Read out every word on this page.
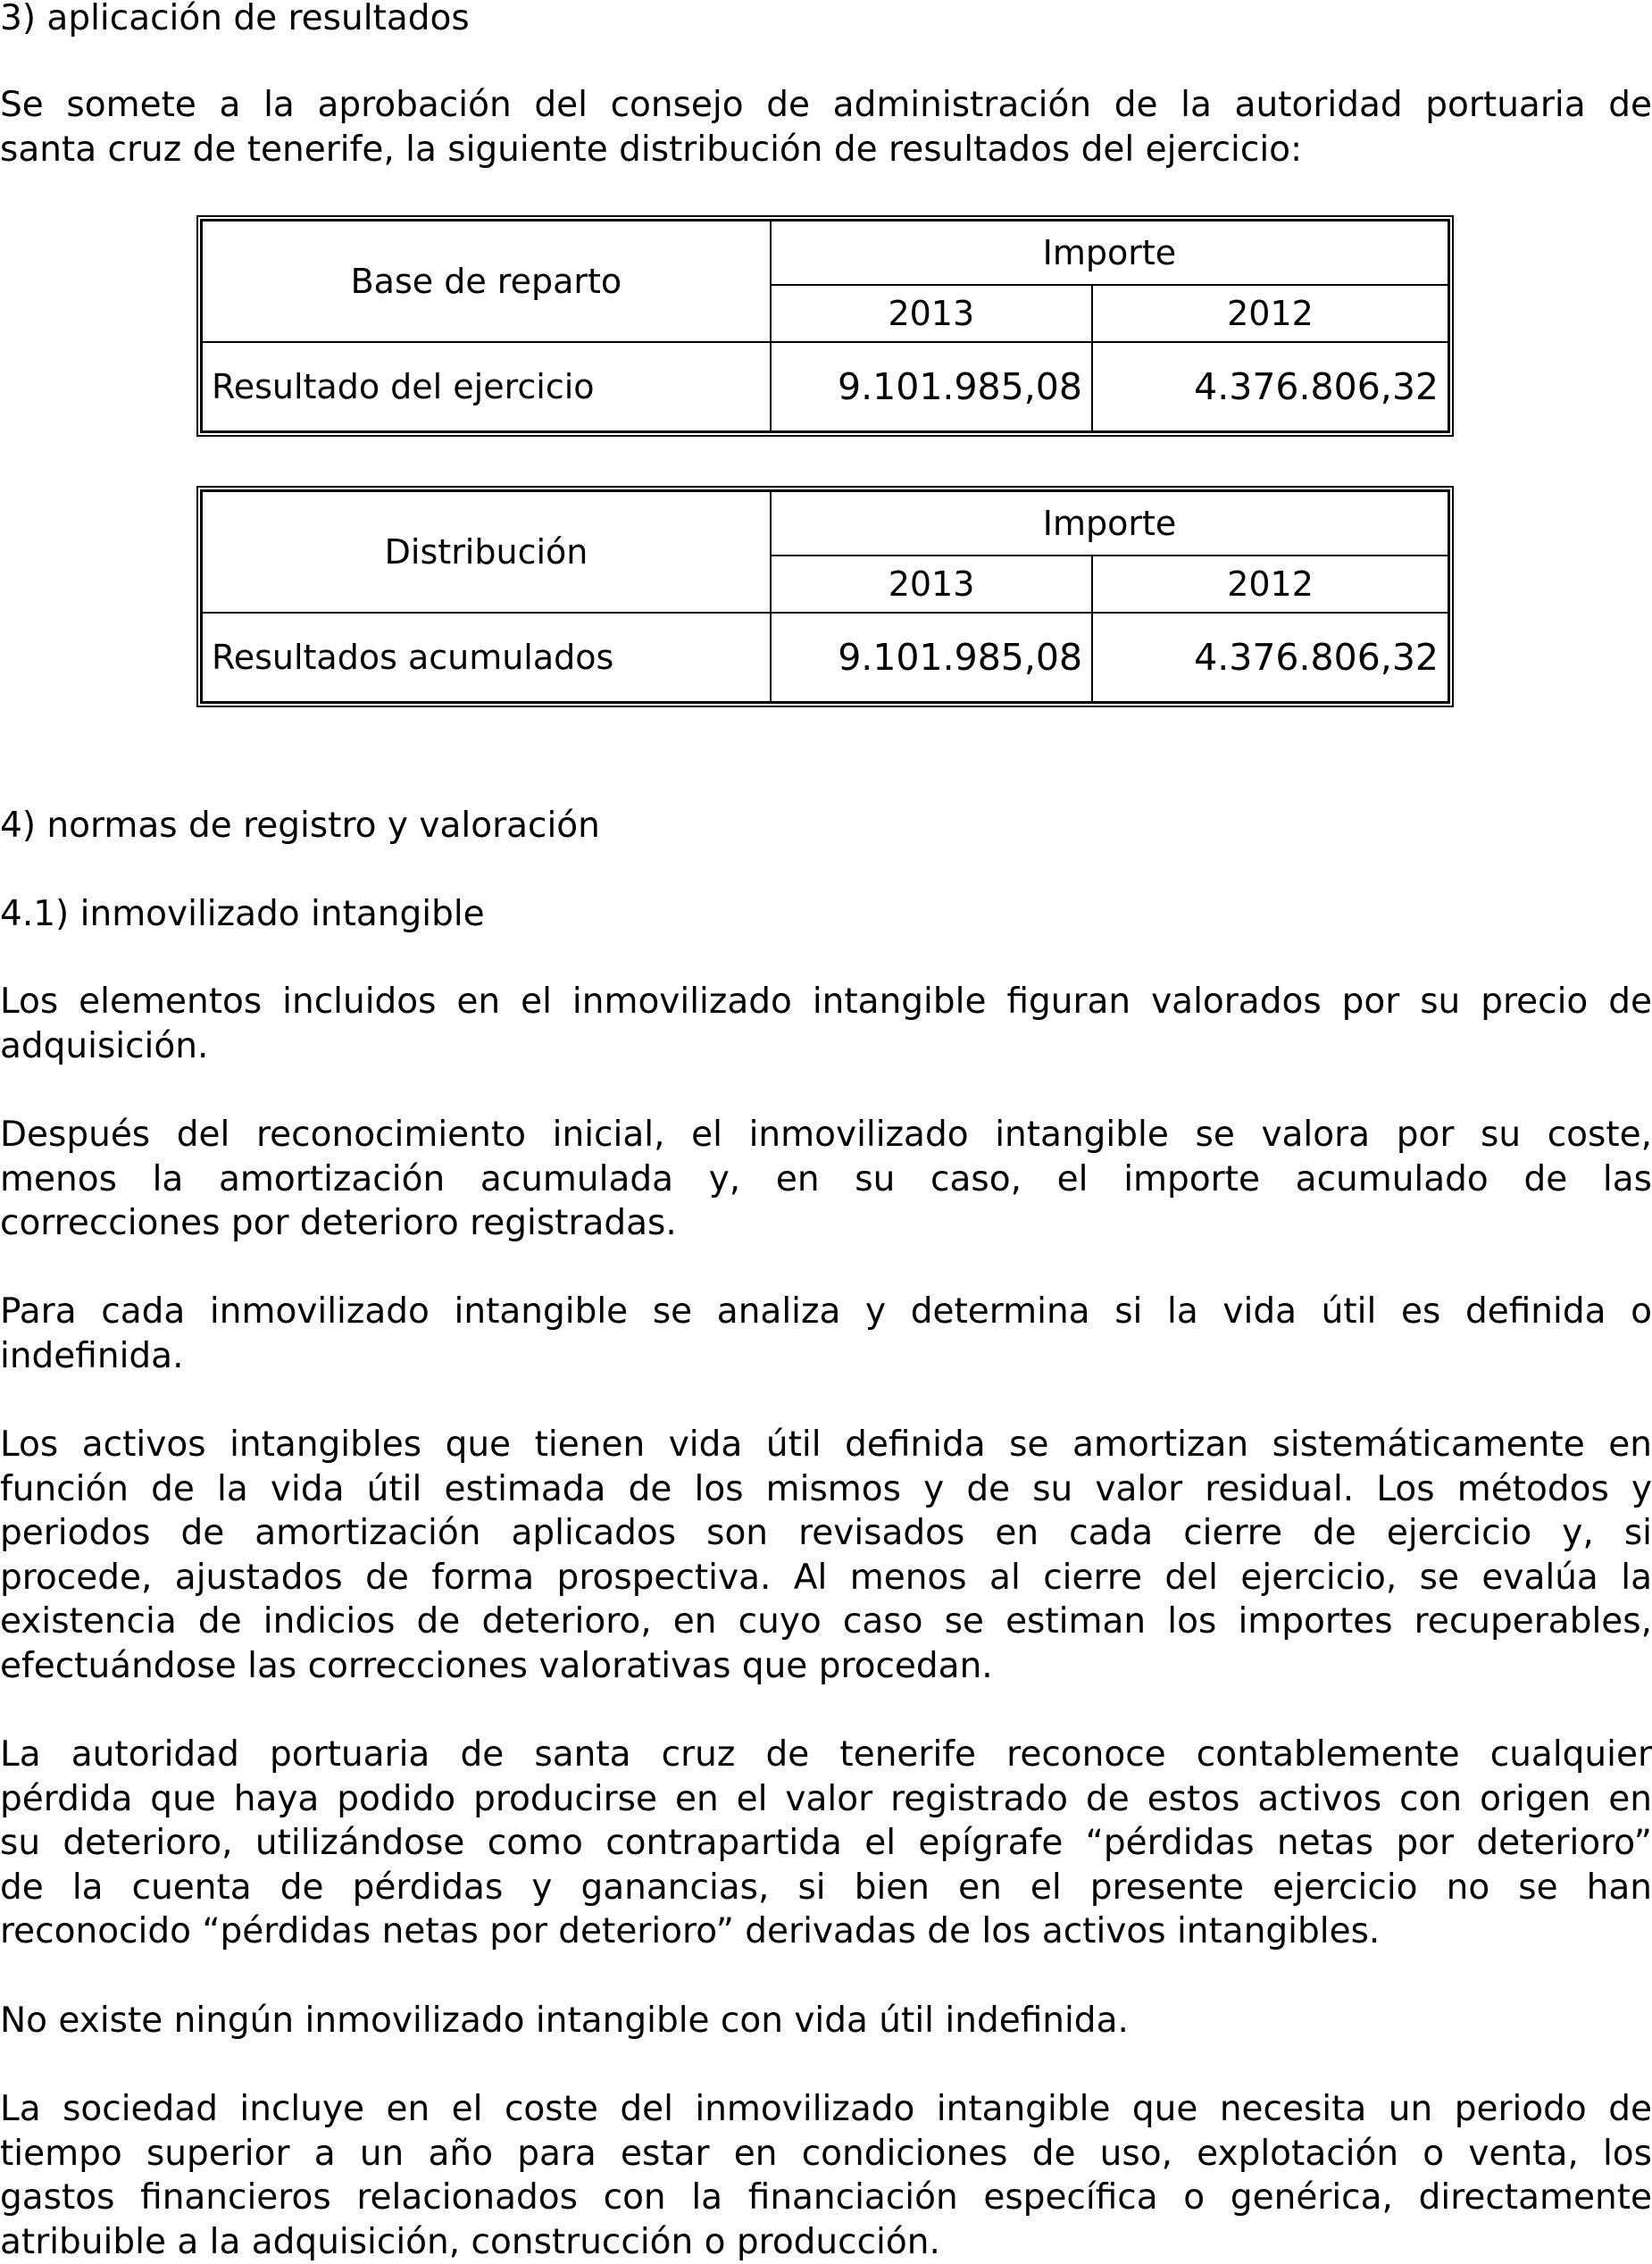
3) aplicación de resultados
Se somete a la aprobación del consejo de administración de la autoridad portuaria de
santa cruz de tenerife, la siguiente distribución de resultados del ejercicio:
Base de reparto	Importe	
	2013	2012
Resultado del ejercicio	9.101.985,08	4.376.806,32
Distribución	Importe	
	2013	2012
Resultados acumulados	9.101.985,08	4.376.806,32
4) normas de registro y valoración
4.1) inmovilizado intangible
Los elementos incluidos en el inmovilizado intangible figuran valorados por su precio de
adquisición.
Después del reconocimiento inicial, el inmovilizado intangible se valora por su coste,
menos la amortización acumulada y, en su caso, el importe acumulado de las
correcciones por deterioro registradas.
Para cada inmovilizado intangible se analiza y determina si la vida útil es definida o
indefinida.
Los activos intangibles que tienen vida útil definida se amortizan sistemáticamente en
función de la vida útil estimada de los mismos y de su valor residual. Los métodos y
periodos de amortización aplicados son revisados en cada cierre de ejercicio y, si
procede, ajustados de forma prospectiva. Al menos al cierre del ejercicio, se evalúa la
existencia de indicios de deterioro, en cuyo caso se estiman los importes recuperables,
efectuándose las correcciones valorativas que procedan.
La autoridad portuaria de santa cruz de tenerife reconoce contablemente cualquier
pérdida que haya podido producirse en el valor registrado de estos activos con origen en
su deterioro, utilizándose como contrapartida el epígrafe “pérdidas netas por deterioro”
de la cuenta de pérdidas y ganancias, si bien en el presente ejercicio no se han
reconocido “pérdidas netas por deterioro” derivadas de los activos intangibles.
No existe ningún inmovilizado intangible con vida útil indefinida.
La sociedad incluye en el coste del inmovilizado intangible que necesita un periodo de
tiempo superior a un año para estar en condiciones de uso, explotación o venta, los
gastos financieros relacionados con la financiación específica o genérica, directamente
atribuible a la adquisición, construcción o producción.
